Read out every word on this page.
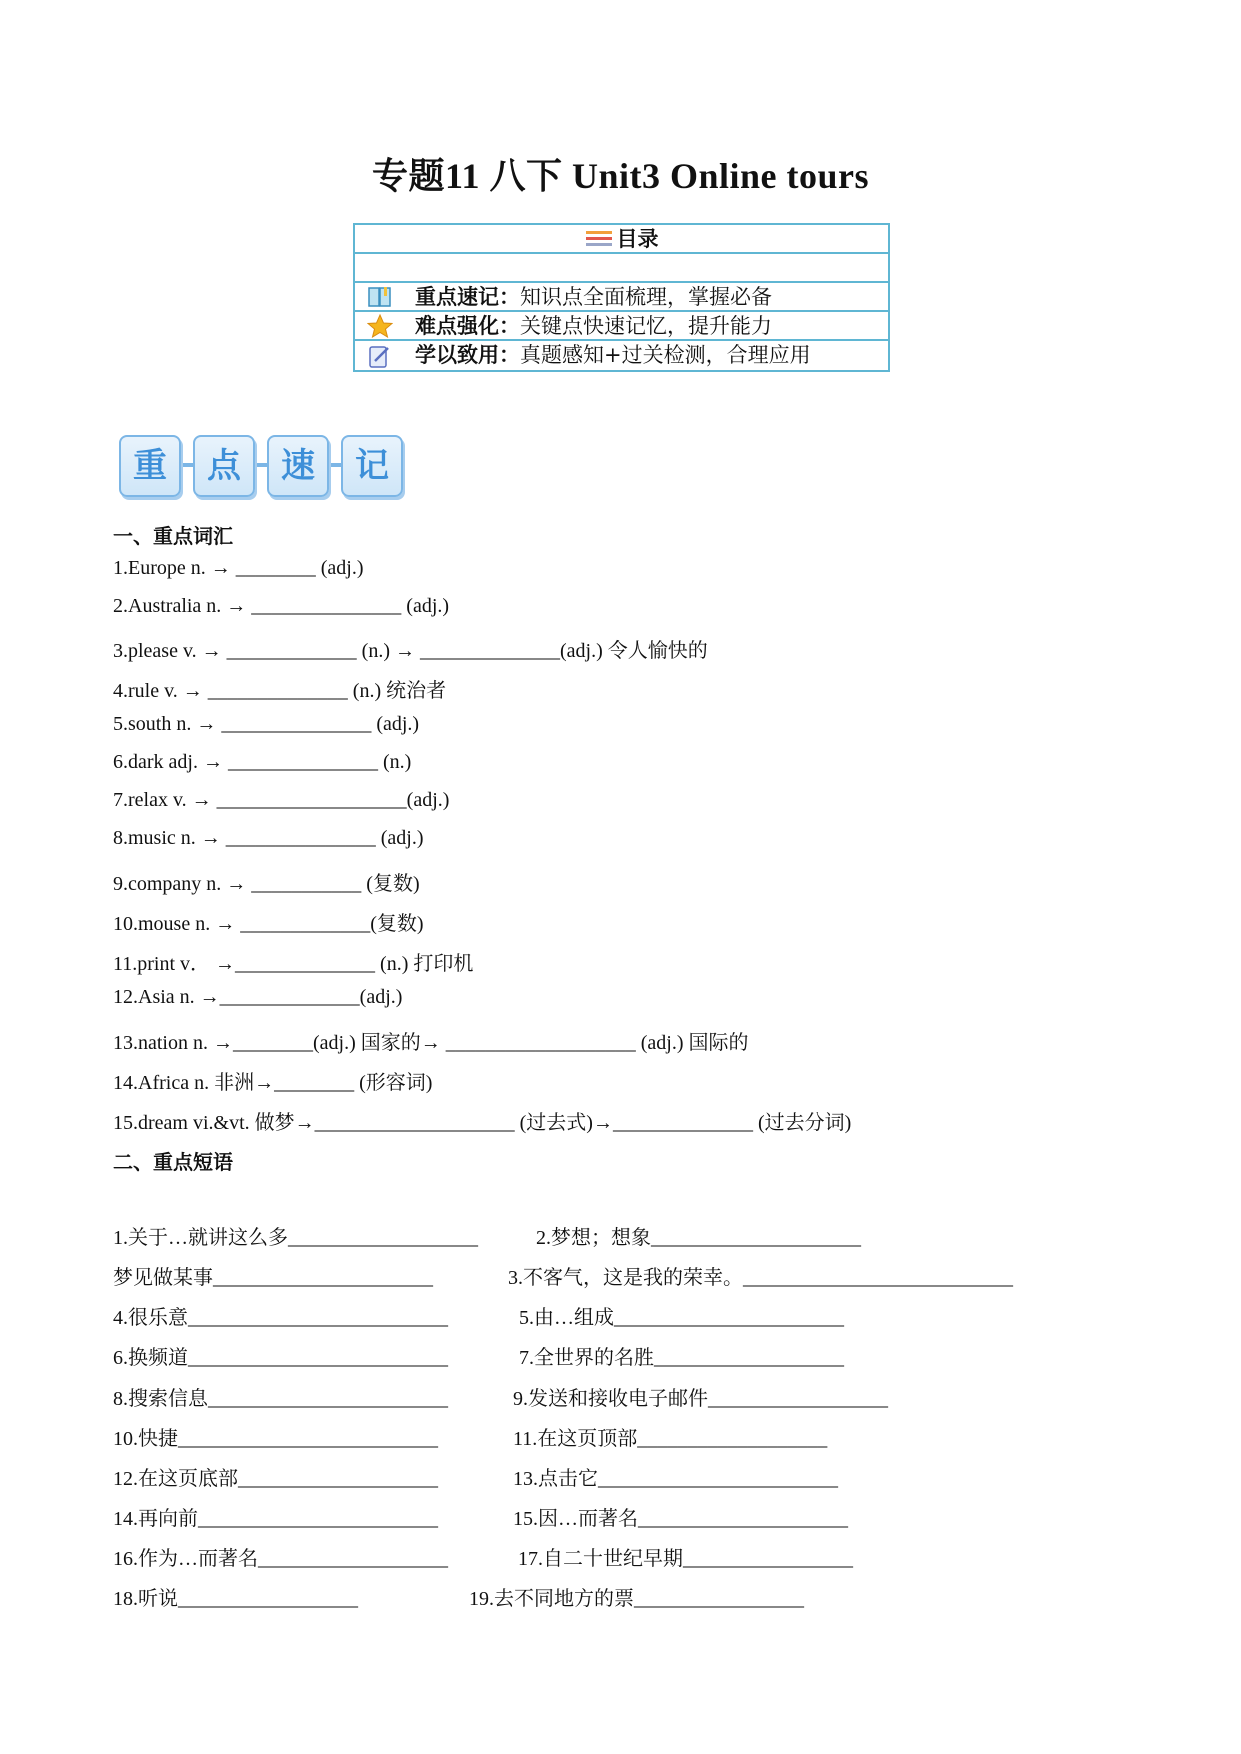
专题11 八下 Unit3 Online tours
目录
重点速记：知识点全面梳理，掌握必备
难点强化：关键点快速记忆，提升能力
学以致用：真题感知+过关检测，合理应用
重	点	速	记
一、重点词汇
1.Europe n. → ________ (adj.)
2.Australia n. → _______________ (adj.)
3.please v. → _____________ (n.) → ______________(adj.) 令人愉快的
4.rule v. → ______________ (n.) 统治者
5.south n. → _______________ (adj.)
6.dark adj. → _______________ (n.)
7.relax v. → ___________________(adj.)
8.music n. → _______________ (adj.)
9.company n. → ___________ (复数)
10.mouse n. → _____________(复数)
11.print v． →______________ (n.) 打印机
12.Asia n. →______________(adj.)
13.nation n. →________(adj.) 国家的→ ___________________ (adj.) 国际的
14.Africa n. 非洲→________ (形容词)
15.dream vi.&vt. 做梦→____________________ (过去式)→______________ (过去分词)
二、重点短语
1.关于…就讲这么多___________________	2.梦想；想象_____________________
梦见做某事______________________	3.不客气，这是我的荣幸。___________________________
4.很乐意__________________________	5.由…组成_______________________
6.换频道__________________________	7.全世界的名胜___________________
8.搜索信息________________________	9.发送和接收电子邮件__________________
10.快捷__________________________	11.在这页顶部___________________
12.在这页底部____________________	13.点击它________________________
14.再向前________________________	15.因…而著名_____________________
16.作为…而著名___________________	17.自二十世纪早期_________________
18.听说__________________	19.去不同地方的票_________________
